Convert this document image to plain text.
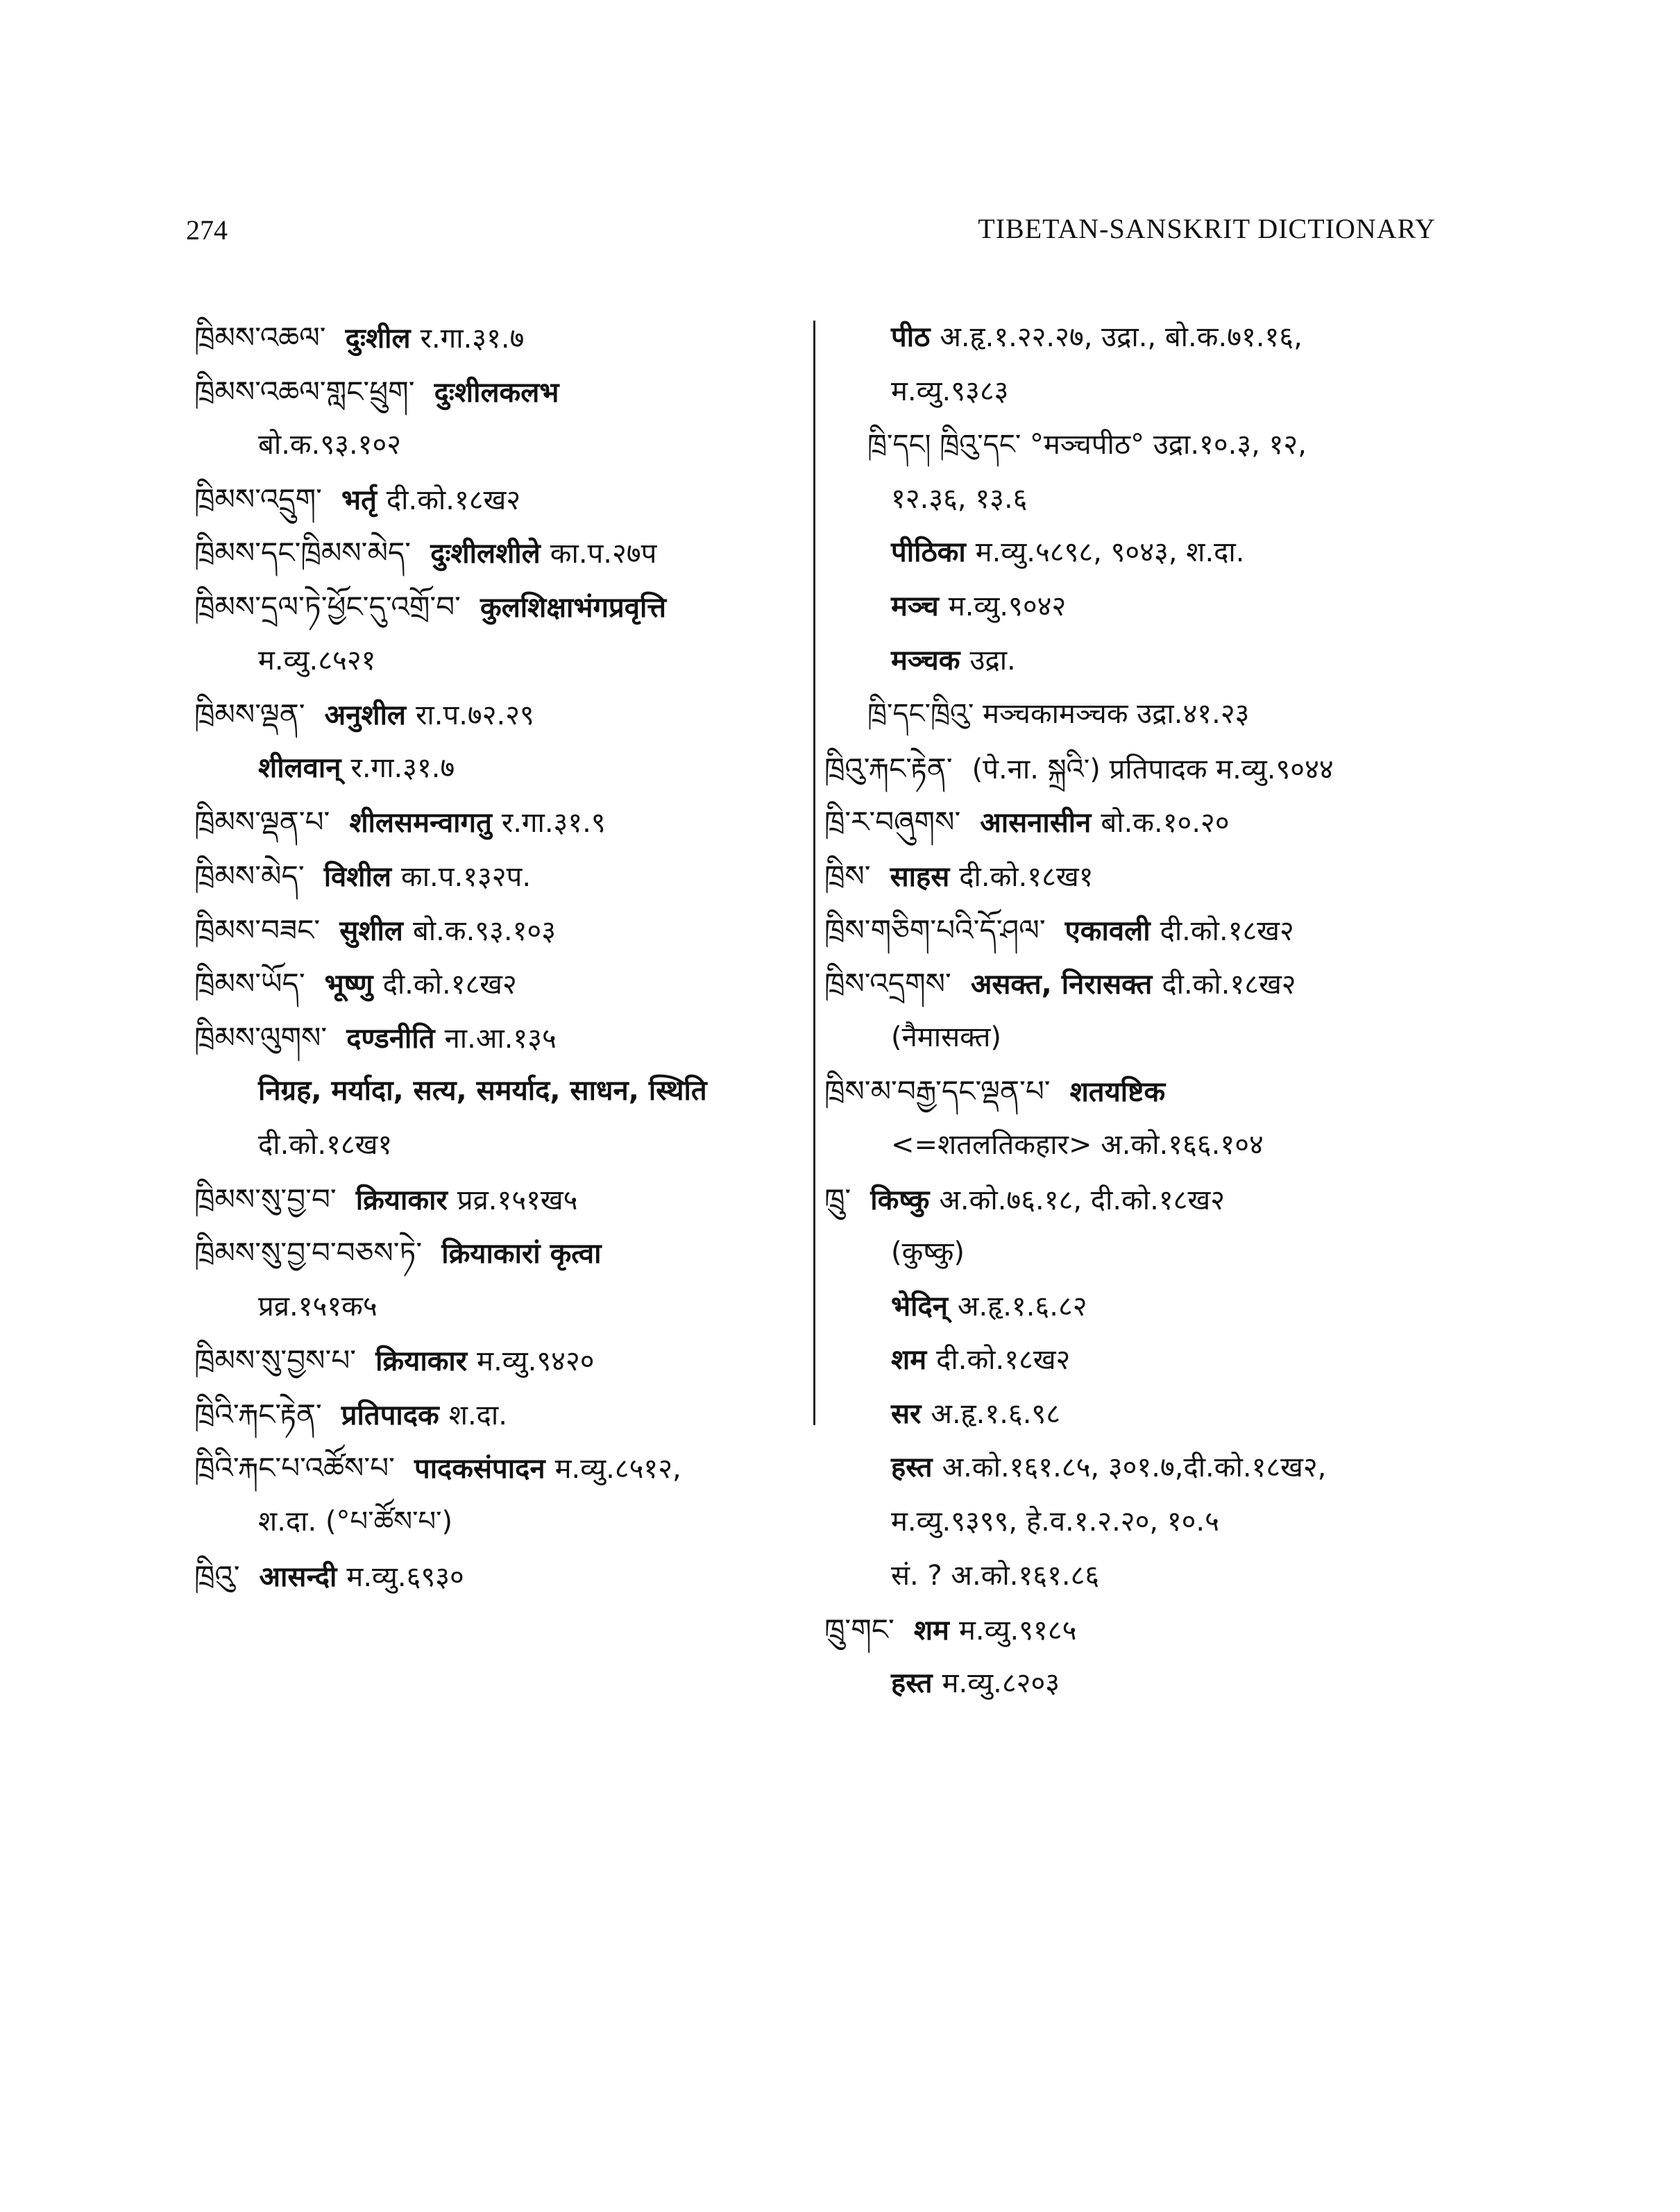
274	TIBETAN-SANSKRIT DICTIONARY
ཁྲིམས་འཆལ་ दुःशील र.गा.३१.७
ཁྲིམས་འཆལ་གླང་ཕྲུག་ दुःशीलकलभ
बो.क.९३.१०२
ཁྲིམས་འདྲུག་ भर्तृ दी.को.१८ख२
ཁྲིམས་དང་ཁྲིམས་མེད་ दुःशीलशीले का.प.२७प
ཁྲིམས་དྲལ་ཏེ་ཕྱོང་དུ་འགྲོ་བ་ कुलशिक्षाभंगप्रवृत्ति
म.व्यु.८५२१
ཁྲིམས་ལྡན་ अनुशील रा.प.७२.२९
शीलवान् र.गा.३१.७
ཁྲིམས་ལྡན་པ་ शीलसमन्वागतु र.गा.३१.९
ཁྲིམས་མེད་ विशील का.प.१३२प.
ཁྲིམས་བཟང་ सुशील बो.क.९३.१०३
ཁྲིམས་ཡོད་ भूष्णु दी.को.१८ख२
ཁྲིམས་ལུགས་ दण्डनीति ना.आ.१३५
निग्रह, मर्यादा, सत्य, समर्याद, साधन, स्थिति
दी.को.१८ख१
ཁྲིམས་སུ་བྱ་བ་ क्रियाकार प्रव्र.१५१ख५
ཁྲིམས་སུ་བྱ་བ་བཅས་ཏེ་ क्रियाकारां कृत्वा
प्रव्र.१५१क५
ཁྲིམས་སུ་བྱས་པ་ क्रियाकार म.व्यु.९४२०
ཁྲིའི་རྐང་རྟེན་ प्रतिपादक श.दा.
ཁྲིའི་རྐང་པ་འཚོས་པ་ पादकसंपादन म.व्यु.८५१२,
श.दा. (°པ་ཚོས་པ་)
ཁྲིའུ་ आसन्दी म.व्यु.६९३०
पीठ अ.हृ.१.२२.२७, उद्रा., बो.क.७१.१६,
म.व्यु.९३८३
ཁྲི་དང། ཁྲིའུ་དང་ °मञ्चपीठ° उद्रा.१०.३, १२,
१२.३६, १३.६
पीठिका म.व्यु.५८९८, ९०४३, श.दा.
मञ्च म.व्यु.९०४२
मञ्चक उद्रा.
ཁྲི་དང་ཁྲིའུ་ मञ्चकामञ्चक उद्रा.४१.२३
ཁྲིའུ་རྐང་རྟེན་ (पे.ना. སྐྲའི་) प्रतिपादक म.व्यु.९०४४
ཁྲི་ར་བཞུགས་ आसनासीन बो.क.१०.२०
ཁྲིས་ साहस दी.को.१८ख१
ཁྲིས་གཅིག་པའི་དོ་ཤལ་ एकावली दी.को.१८ख२
ཁྲིས་འདྲགས་ असक्त, निरासक्त दी.को.१८ख२
(नैमासक्त)
ཁྲིས་མ་བརྒྱ་དང་ལྡན་པ་ शतयष्टिक
<=शतलतिकहार> अ.को.१६६.१०४
ཁྲུ་ किष्कु अ.को.७६.१८, दी.को.१८ख२
(कुष्कु)
भेदिन् अ.हृ.१.६.८२
शम दी.को.१८ख२
सर अ.हृ.१.६.९८
हस्त अ.को.१६१.८५, ३०१.७,दी.को.१८ख२,
म.व्यु.९३९९, हे.व.१.२.२०, १०.५
सं. ? अ.को.१६१.८६
ཁྲུ་གང་ शम म.व्यु.९१८५
हस्त म.व्यु.८२०३
